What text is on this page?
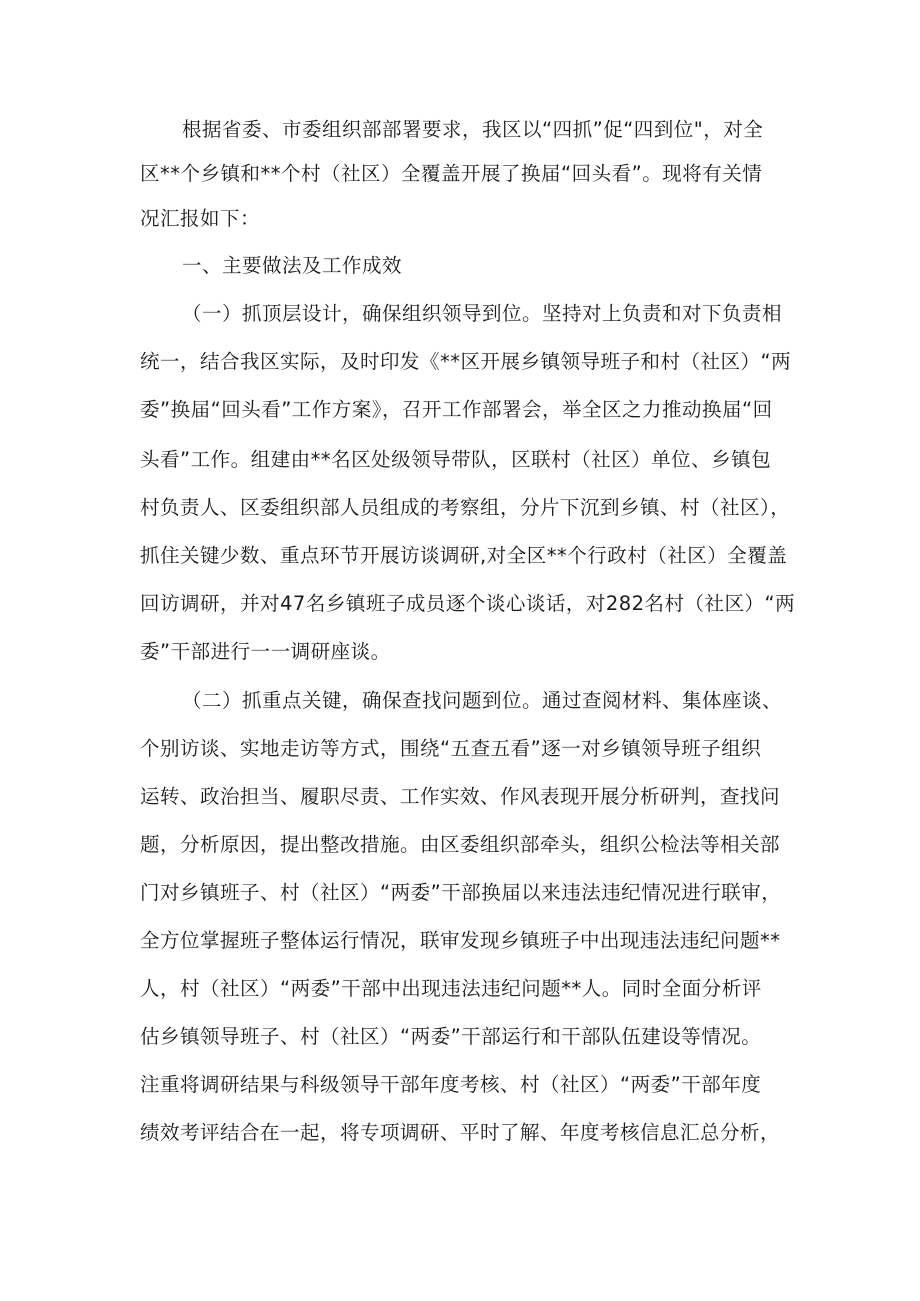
根据省委、市委组织部部署要求，我区以“四抓”促“四到位"，对全
区**个乡镇和**个村（社区）全覆盖开展了换届“回头看”。现将有关情
况汇报如下：
一、主要做法及工作成效
（一）抓顶层设计，确保组织领导到位。坚持对上负责和对下负责相
统一，结合我区实际，及时印发《**区开展乡镇领导班子和村（社区）“两
委”换届“回头看”工作方案》，召开工作部署会，举全区之力推动换届“回
头看”工作。组建由**名区处级领导带队，区联村（社区）单位、乡镇包
村负责人、区委组织部人员组成的考察组，分片下沉到乡镇、村（社区），
抓住关键少数、重点环节开展访谈调研,对全区**个行政村（社区）全覆盖
回访调研，并对47名乡镇班子成员逐个谈心谈话，对282名村（社区）“两
委”干部进行一一调研座谈。
（二）抓重点关键，确保查找问题到位。通过查阅材料、集体座谈、
个别访谈、实地走访等方式，围绕“五查五看”逐一对乡镇领导班子组织
运转、政治担当、履职尽责、工作实效、作风表现开展分析研判，查找问
题，分析原因，提出整改措施。由区委组织部牵头，组织公检法等相关部
门对乡镇班子、村（社区）“两委”干部换届以来违法违纪情况进行联审，
全方位掌握班子整体运行情况，联审发现乡镇班子中出现违法违纪问题**
人，村（社区）“两委”干部中出现违法违纪问题**人。同时全面分析评
估乡镇领导班子、村（社区）“两委”干部运行和干部队伍建设等情况。
注重将调研结果与科级领导干部年度考核、村（社区）“两委”干部年度
绩效考评结合在一起，将专项调研、平时了解、年度考核信息汇总分析，
